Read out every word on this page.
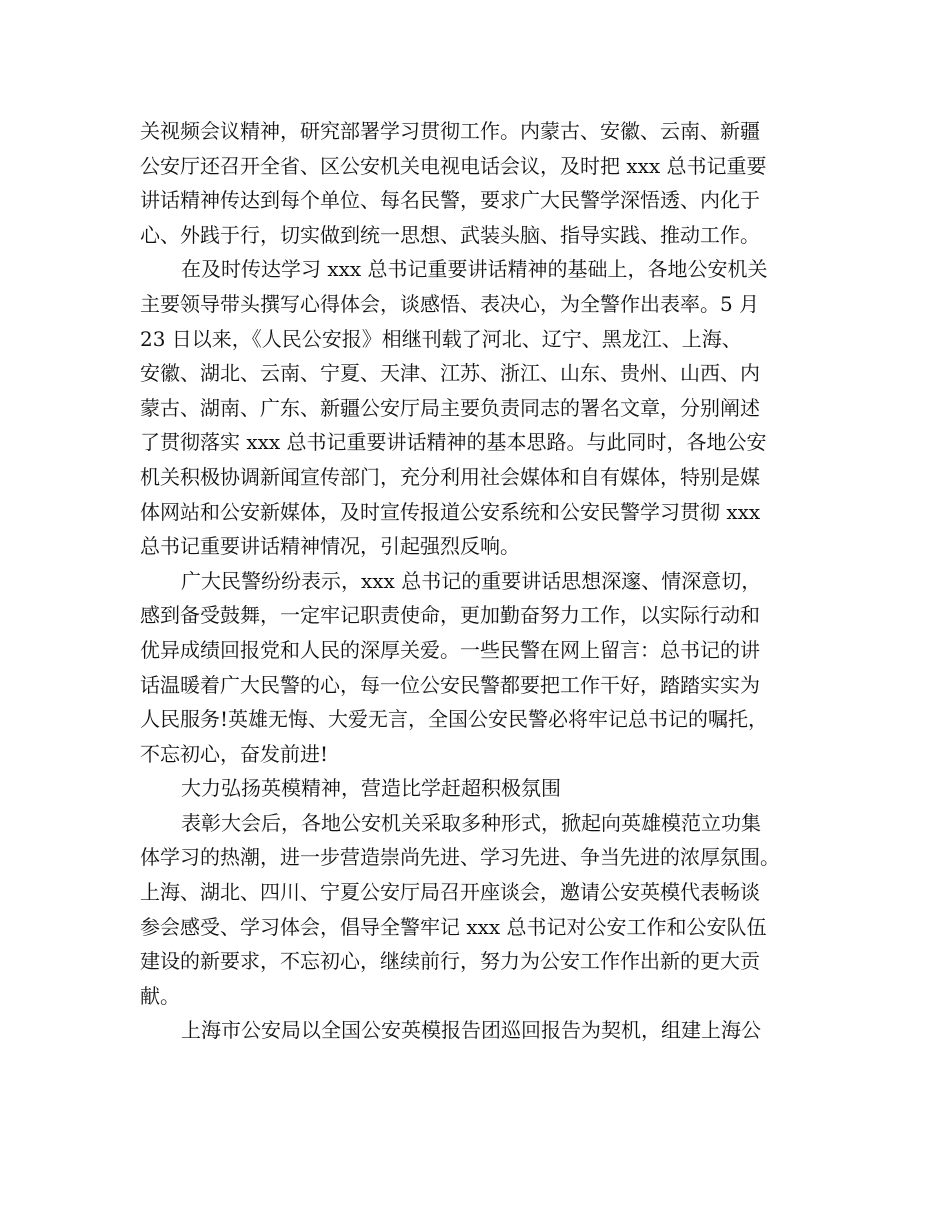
关视频会议精神，研究部署学习贯彻工作。内蒙古、安徽、云南、新疆
公安厅还召开全省、区公安机关电视电话会议，及时把 xxx 总书记重要
讲话精神传达到每个单位、每名民警，要求广大民警学深悟透、内化于
心、外践于行，切实做到统一思想、武装头脑、指导实践、推动工作。
在及时传达学习 xxx 总书记重要讲话精神的基础上，各地公安机关
主要领导带头撰写心得体会，谈感悟、表决心，为全警作出表率。5 月
23 日以来，《人民公安报》相继刊载了河北、辽宁、黑龙江、上海、
安徽、湖北、云南、宁夏、天津、江苏、浙江、山东、贵州、山西、内
蒙古、湖南、广东、新疆公安厅局主要负责同志的署名文章，分别阐述
了贯彻落实 xxx 总书记重要讲话精神的基本思路。与此同时，各地公安
机关积极协调新闻宣传部门，充分利用社会媒体和自有媒体，特别是媒
体网站和公安新媒体，及时宣传报道公安系统和公安民警学习贯彻 xxx
总书记重要讲话精神情况，引起强烈反响。
广大民警纷纷表示，xxx 总书记的重要讲话思想深邃、情深意切，
感到备受鼓舞，一定牢记职责使命，更加勤奋努力工作，以实际行动和
优异成绩回报党和人民的深厚关爱。一些民警在网上留言：总书记的讲
话温暖着广大民警的心，每一位公安民警都要把工作干好，踏踏实实为
人民服务!英雄无悔、大爱无言，全国公安民警必将牢记总书记的嘱托，
不忘初心，奋发前进!
大力弘扬英模精神，营造比学赶超积极氛围
表彰大会后，各地公安机关采取多种形式，掀起向英雄模范立功集
体学习的热潮，进一步营造崇尚先进、学习先进、争当先进的浓厚氛围。
上海、湖北、四川、宁夏公安厅局召开座谈会，邀请公安英模代表畅谈
参会感受、学习体会，倡导全警牢记 xxx 总书记对公安工作和公安队伍
建设的新要求，不忘初心，继续前行，努力为公安工作作出新的更大贡
献。
上海市公安局以全国公安英模报告团巡回报告为契机，组建上海公
